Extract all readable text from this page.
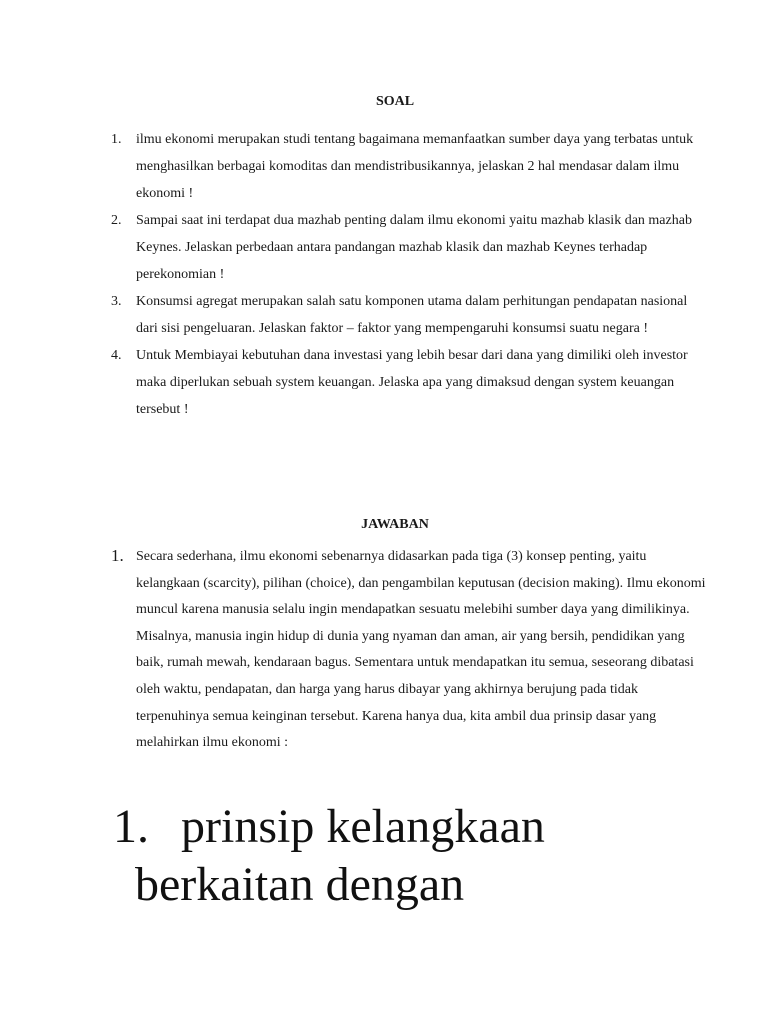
SOAL
1. ilmu ekonomi merupakan studi tentang bagaimana memanfaatkan sumber daya yang terbatas untuk menghasilkan berbagai komoditas dan mendistribusikannya, jelaskan 2 hal mendasar dalam ilmu ekonomi !
2. Sampai saat ini terdapat dua mazhab penting dalam ilmu ekonomi yaitu mazhab klasik dan mazhab Keynes. Jelaskan perbedaan antara pandangan mazhab klasik dan mazhab Keynes terhadap perekonomian !
3. Konsumsi agregat merupakan salah satu komponen utama dalam perhitungan pendapatan nasional dari sisi pengeluaran. Jelaskan faktor – faktor yang mempengaruhi konsumsi suatu negara !
4. Untuk Membiayai kebutuhan dana investasi yang lebih besar dari dana yang dimiliki oleh investor maka diperlukan sebuah system keuangan. Jelaska apa yang dimaksud dengan system keuangan tersebut !
JAWABAN
1. Secara sederhana, ilmu ekonomi sebenarnya didasarkan pada tiga (3) konsep penting, yaitu kelangkaan (scarcity), pilihan (choice), dan pengambilan keputusan (decision making). Ilmu ekonomi muncul karena manusia selalu ingin mendapatkan sesuatu melebihi sumber daya yang dimilikinya. Misalnya, manusia ingin hidup di dunia yang nyaman dan aman, air yang bersih, pendidikan yang baik, rumah mewah, kendaraan bagus. Sementara untuk mendapatkan itu semua, seseorang dibatasi oleh waktu, pendapatan, dan harga yang harus dibayar yang akhirnya berujung pada tidak terpenuhinya semua keinginan tersebut. Karena hanya dua, kita ambil dua prinsip dasar yang melahirkan ilmu ekonomi :
1. prinsip kelangkaan
berkaitan dengan
